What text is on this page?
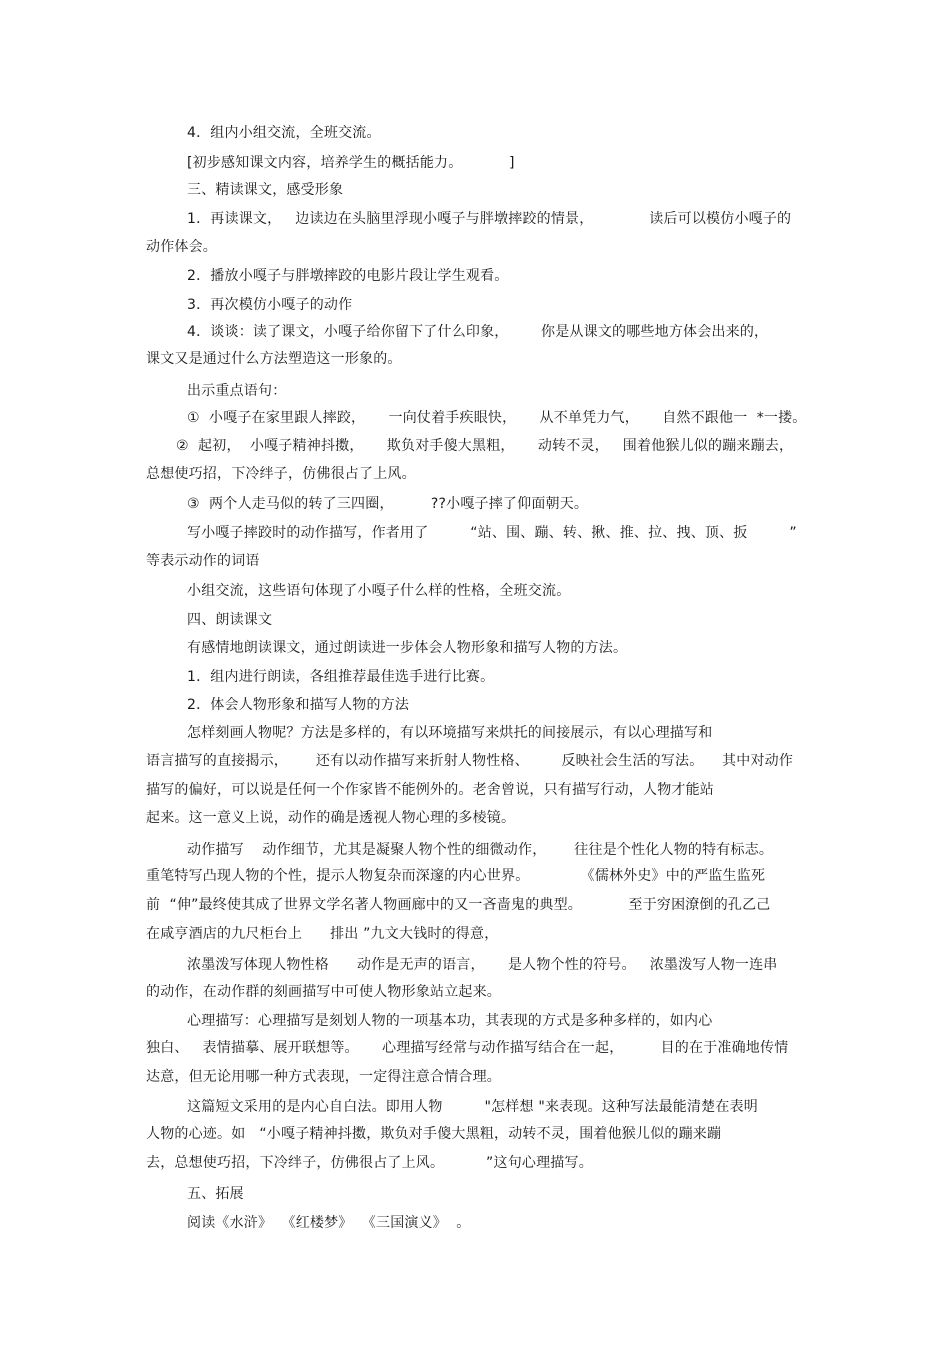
4．组内小组交流，全班交流。
[初步感知课文内容，培养学生的概括能力。          ]
三、精读课文，感受形象
1．再读课文，   边读边在头脑里浮现小嘎子与胖墩摔跤的情景，            读后可以模仿小嘎子的
动作体会。
2．播放小嘎子与胖墩摔跤的电影片段让学生观看。
3．再次模仿小嘎子的动作
4．谈谈：读了课文，小嘎子给你留下了什么印象，       你是从课文的哪些地方体会出来的，
课文又是通过什么方法塑造这一形象的。
出示重点语句：
①  小嘎子在家里跟人摔跤，     一向仗着手疾眼快，     从不单凭力气，     自然不跟他一  *一搂。
②  起初，  小嘎子精神抖擞，     欺负对手傻大黑粗，     动转不灵，   围着他猴儿似的蹦来蹦去，
总想使巧招，下冷绊子，仿佛很占了上风。
③  两个人走马似的转了三四圈，        ??小嘎子摔了仰面朝天。
写小嘎子摔跤时的动作描写，作者用了         “站、围、蹦、转、揪、推、拉、拽、顶、扳         ”
等表示动作的词语
小组交流，这些语句体现了小嘎子什么样的性格，全班交流。
四、朗读课文
有感情地朗读课文，通过朗读进一步体会人物形象和描写人物的方法。
1．组内进行朗读，各组推荐最佳选手进行比赛。
2．体会人物形象和描写人物的方法
怎样刻画人物呢？方法是多样的，有以环境描写来烘托的间接展示，有以心理描写和
语言描写的直接揭示，      还有以动作描写来折射人物性格、       反映社会生活的写法。    其中对动作
描写的偏好，可以说是任何一个作家皆不能例外的。老舍曾说，只有描写行动，人物才能站
起来。这一意义上说，动作的确是透视人物心理的多棱镜。
动作描写    动作细节，尤其是凝聚人物个性的细微动作，      往往是个性化人物的特有标志。
重笔特写凸现人物的个性，提示人物复杂而深邃的内心世界。           《儒林外史》中的严监生监死
前  “伸”最终使其成了世界文学名著人物画廊中的又一吝啬鬼的典型。          至于穷困潦倒的孔乙己
在咸亨酒店的九尺柜台上      排出 ”九文大钱时的得意，
浓墨泼写体现人物性格      动作是无声的语言，     是人物个性的符号。   浓墨泼写人物一连串
的动作，在动作群的刻画描写中可使人物形象站立起来。
心理描写：心理描写是刻划人物的一项基本功，其表现的方式是多种多样的，如内心
独白、   表情描摹、展开联想等。     心理描写经常与动作描写结合在一起，        目的在于准确地传情
达意，但无论用哪一种方式表现，一定得注意合情合理。
这篇短文采用的是内心自白法。即用人物         "怎样想 "来表现。这种写法最能清楚在表明
人物的心迹。如   “小嘎子精神抖擞，欺负对手傻大黑粗，动转不灵，围着他猴儿似的蹦来蹦
去，总想使巧招，下冷绊子，仿佛很占了上风。         ”这句心理描写。
五、拓展
阅读《水浒》  《红楼梦》  《三国演义》  。
